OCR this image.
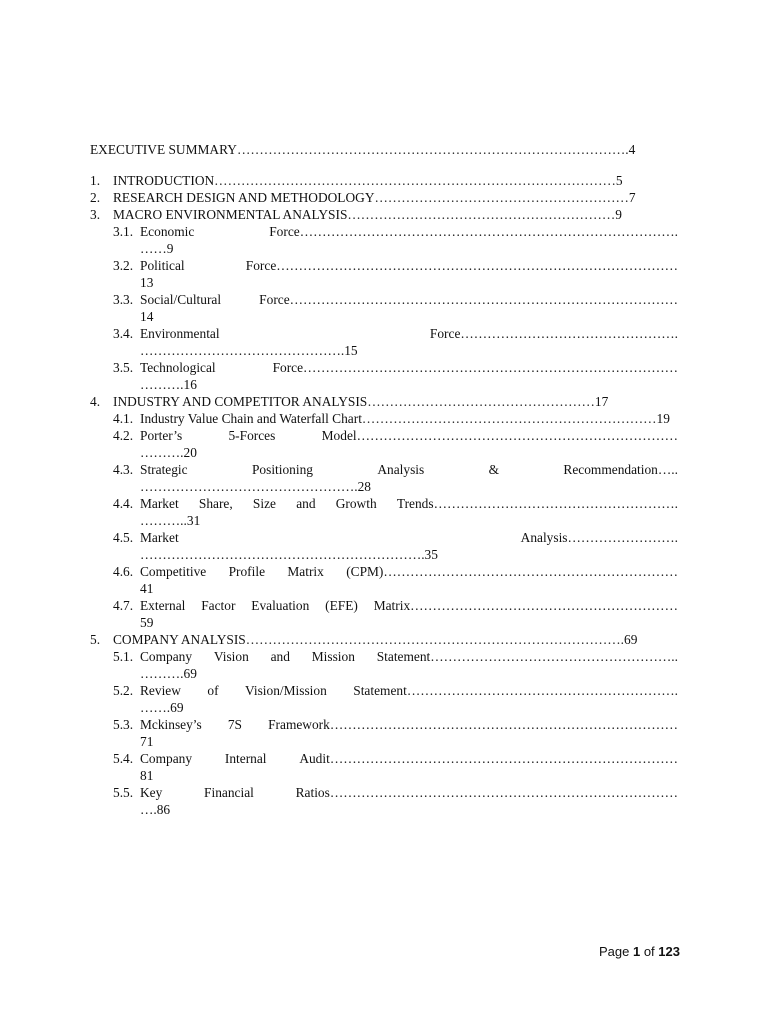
EXECUTIVE SUMMARY…………………………………………………………………………….4
1. INTRODUCTION………………………………………………………………………………5
2. RESEARCH DESIGN AND METHODOLOGY…………………………………………………7
3. MACRO ENVIRONMENTAL ANALYSIS……………………………………………………9
3.1. Economic	Force………………………………………………………………………….
……9
3.2. Political	Force………………………………………………………………………………
13
3.3. Social/Cultural	Force……………………………………………………………………………
14
3.4. Environmental	Force………………………………………….
……………………………………….15
3.5. Technological	Force…………………………………………………………………………
……….16
4. INDUSTRY AND COMPETITOR ANALYSIS……………………………………………17
4.1. Industry Value Chain and Waterfall Chart…………………………………………………………19
4.2. Porter’s	5-Forces	Model………………………………………………………………
……….20
4.3. Strategic	Positioning	Analysis	&	Recommendation…..
………………………………………….28
4.4. Market Share, Size and Growth Trends……………………………………………….
………..31
4.5. Market	Analysis…………………….
……………………………………………………….35
4.6. Competitive Profile Matrix (CPM)…………………………………………………………
41
4.7. External Factor Evaluation (EFE) Matrix……………………………………………………
59
5. COMPANY ANALYSIS………………………………………………………………………….69
5.1. Company Vision and Mission Statement………………………………………………..
……….69
5.2. Review of Vision/Mission Statement…………………………………………………….
…….69
5.3. Mckinsey’s 7S Framework……………………………………………………………………
71
5.4. Company Internal Audit……………………………………………………………………
81
5.5. Key	Financial	Ratios……………………………………………………………………
….86
Page 1 of 123
